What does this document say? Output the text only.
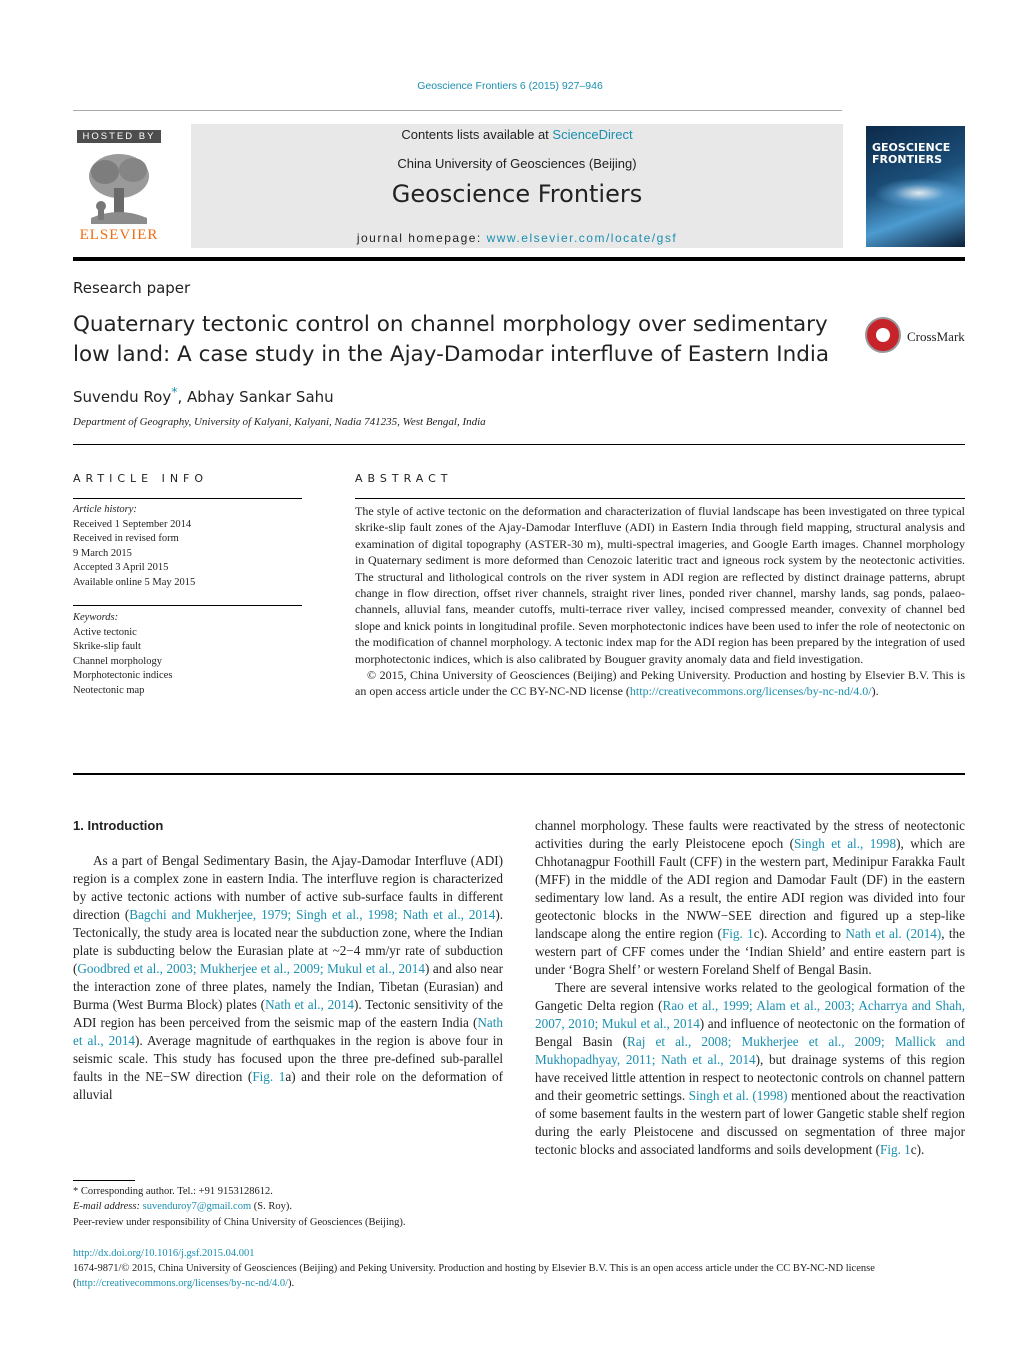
Geoscience Frontiers 6 (2015) 927–946
HOSTED BY
ELSEVIER
Contents lists available at ScienceDirect
China University of Geosciences (Beijing)
Geoscience Frontiers
journal homepage: www.elsevier.com/locate/gsf
GEOSCIENCE FRONTIERS
Research paper
Quaternary tectonic control on channel morphology over sedimentary low land: A case study in the Ajay-Damodar interfluve of Eastern India
CrossMark
Suvendu Roy*, Abhay Sankar Sahu
Department of Geography, University of Kalyani, Kalyani, Nadia 741235, West Bengal, India
ARTICLE INFO	ABSTRACT
Article history:
Received 1 September 2014
Received in revised form
9 March 2015
Accepted 3 April 2015
Available online 5 May 2015
Keywords:
Active tectonic
Skrike-slip fault
Channel morphology
Morphotectonic indices
Neotectonic map

The style of active tectonic on the deformation and characterization of fluvial landscape has been investigated on three typical skrike-slip fault zones of the Ajay-Damodar Interfluve (ADI) in Eastern India through field mapping, structural analysis and examination of digital topography (ASTER-30 m), multi-spectral imageries, and Google Earth images. Channel morphology in Quaternary sediment is more deformed than Cenozoic lateritic tract and igneous rock system by the neotectonic activities. The structural and lithological controls on the river system in ADI region are reflected by distinct drainage patterns, abrupt change in flow direction, offset river channels, straight river lines, ponded river channel, marshy lands, sag ponds, palaeo-channels, alluvial fans, meander cutoffs, multi-terrace river valley, incised compressed meander, convexity of channel bed slope and knick points in longitudinal profile. Seven morphotectonic indices have been used to infer the role of neotectonic on the modification of channel morphology. A tectonic index map for the ADI region has been prepared by the integration of used morphotectonic indices, which is also calibrated by Bouguer gravity anomaly data and field investigation.

© 2015, China University of Geosciences (Beijing) and Peking University. Production and hosting by Elsevier B.V. This is an open access article under the CC BY-NC-ND license (http://creativecommons.org/licenses/by-nc-nd/4.0/).

1. Introduction

As a part of Bengal Sedimentary Basin, the Ajay-Damodar Interfluve (ADI) region is a complex zone in eastern India. The interfluve region is characterized by active tectonic actions with number of active sub-surface faults in different direction (Bagchi and Mukherjee, 1979; Singh et al., 1998; Nath et al., 2014). Tectonically, the study area is located near the subduction zone, where the Indian plate is subducting below the Eurasian plate at ~2−4 mm/yr rate of subduction (Goodbred et al., 2003; Mukherjee et al., 2009; Mukul et al., 2014) and also near the interaction zone of three plates, namely the Indian, Tibetan (Eurasian) and Burma (West Burma Block) plates (Nath et al., 2014). Tectonic sensitivity of the ADI region has been perceived from the seismic map of the eastern India (Nath et al., 2014). Average magnitude of earthquakes in the region is above four in seismic scale. This study has focused upon the three pre-defined sub-parallel faults in the NE−SW direction (Fig. 1a) and their role on the deformation of alluvial

channel morphology. These faults were reactivated by the stress of neotectonic activities during the early Pleistocene epoch (Singh et al., 1998), which are Chhotanagpur Foothill Fault (CFF) in the western part, Medinipur Farakka Fault (MFF) in the middle of the ADI region and Damodar Fault (DF) in the eastern sedimentary low land. As a result, the entire ADI region was divided into four geotectonic blocks in the NWW−SEE direction and figured up a step-like landscape along the entire region (Fig. 1c). According to Nath et al. (2014), the western part of CFF comes under the ‘Indian Shield’ and entire eastern part is under ‘Bogra Shelf’ or western Foreland Shelf of Bengal Basin.

There are several intensive works related to the geological formation of the Gangetic Delta region (Rao et al., 1999; Alam et al., 2003; Acharrya and Shah, 2007, 2010; Mukul et al., 2014) and influence of neotectonic on the formation of Bengal Basin (Raj et al., 2008; Mukherjee et al., 2009; Mallick and Mukhopadhyay, 2011; Nath et al., 2014), but drainage systems of this region have received little attention in respect to neotectonic controls on channel pattern and their geometric settings. Singh et al. (1998) mentioned about the reactivation of some basement faults in the western part of lower Gangetic stable shelf region during the early Pleistocene and discussed on segmentation of three major tectonic blocks and associated landforms and soils development (Fig. 1c).

* Corresponding author. Tel.: +91 9153128612.

E-mail address: suvenduroy7@gmail.com (S. Roy).

Peer-review under responsibility of China University of Geosciences (Beijing).

http://dx.doi.org/10.1016/j.gsf.2015.04.001

1674-9871/© 2015, China University of Geosciences (Beijing) and Peking University. Production and hosting by Elsevier B.V. This is an open access article under the CC BY-NC-ND license (http://creativecommons.org/licenses/by-nc-nd/4.0/).
